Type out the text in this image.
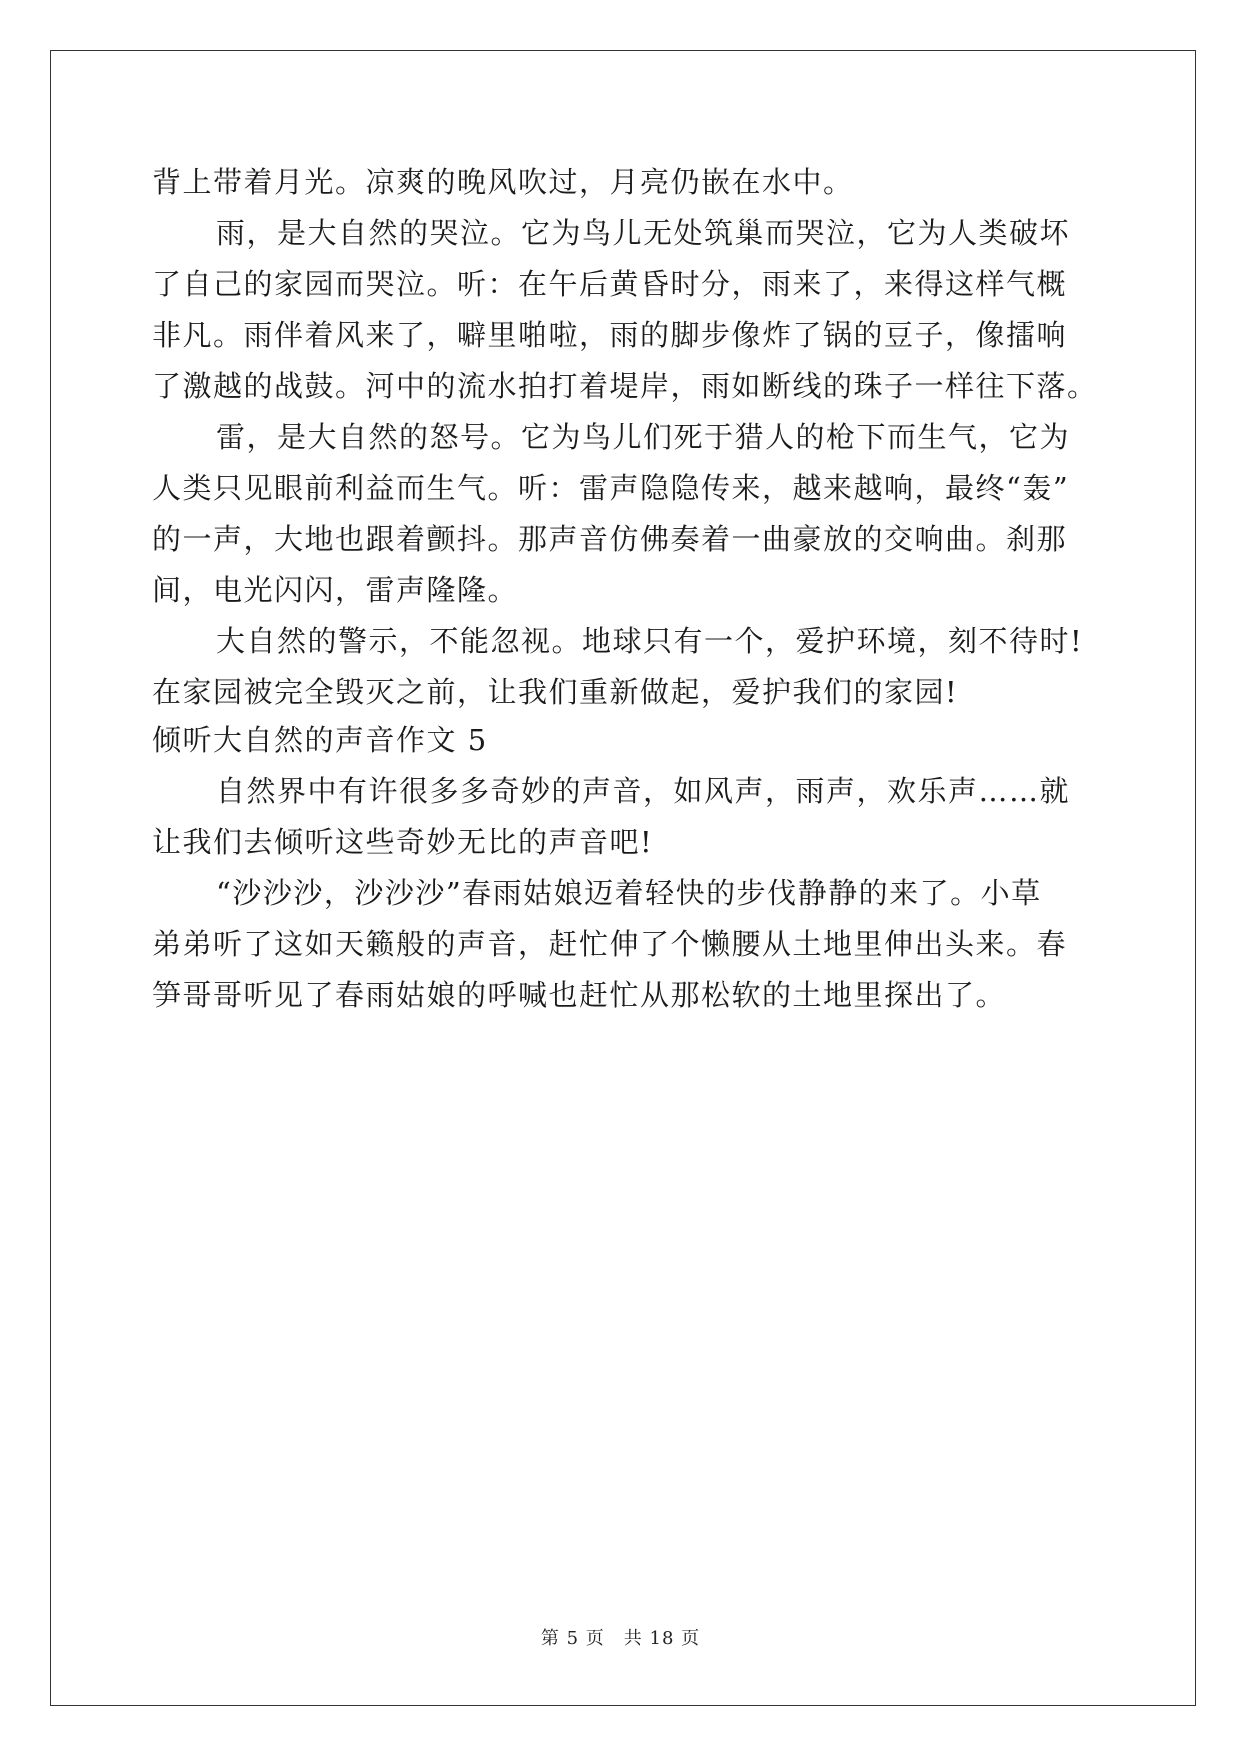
背上带着月光。凉爽的晚风吹过，月亮仍嵌在水中。
雨，是大自然的哭泣。它为鸟儿无处筑巢而哭泣，它为人类破坏
了自己的家园而哭泣。听：在午后黄昏时分，雨来了，来得这样气概
非凡。雨伴着风来了，噼里啪啦，雨的脚步像炸了锅的豆子，像擂响
了激越的战鼓。河中的流水拍打着堤岸，雨如断线的珠子一样往下落。
雷，是大自然的怒号。它为鸟儿们死于猎人的枪下而生气，它为
人类只见眼前利益而生气。听：雷声隐隐传来，越来越响，最终“轰”
的一声，大地也跟着颤抖。那声音仿佛奏着一曲豪放的交响曲。刹那
间，电光闪闪，雷声隆隆。
大自然的警示，不能忽视。地球只有一个，爱护环境，刻不待时!
在家园被完全毁灭之前，让我们重新做起，爱护我们的家园!
倾听大自然的声音作文 5
自然界中有许很多多奇妙的声音，如风声，雨声，欢乐声……就
让我们去倾听这些奇妙无比的声音吧!
“沙沙沙，沙沙沙”春雨姑娘迈着轻快的步伐静静的来了。小草
弟弟听了这如天籁般的声音，赶忙伸了个懒腰从土地里伸出头来。春
笋哥哥听见了春雨姑娘的呼喊也赶忙从那松软的土地里探出了。
第 5 页　共 18 页
